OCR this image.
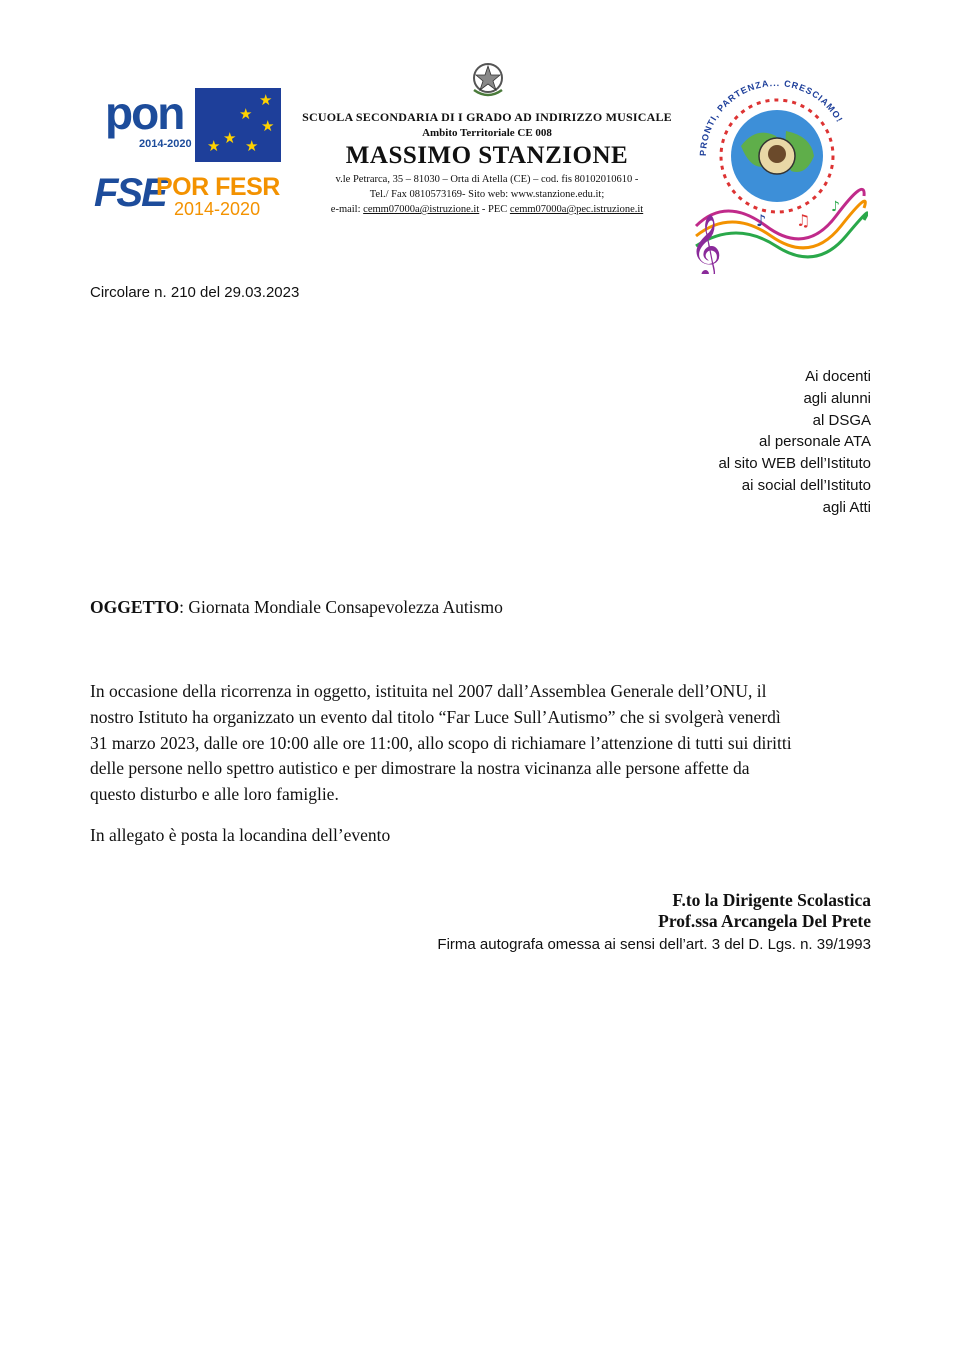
pon
2014-2020
★
★
★
★
★ ★
FSE
POR FESR
2014-2020
SCUOLA SECONDARIA DI I GRADO AD INDIRIZZO MUSICALE
Ambito Territoriale CE 008
MASSIMO STANZIONE
v.le Petrarca, 35 – 81030 – Orta di Atella (CE) – cod. fis 80102010610 -
Tel./ Fax 0810573169- Sito web: www.stanzione.edu.it;
e-mail: cemm07000a@istruzione.it - PEC cemm07000a@pec.istruzione.it
PRONTI, PARTENZA... CRESCIAMO!
𝄞 ♪ ♫
♪
Circolare n. 210 del 29.03.2023
Ai docenti
agli alunni
al DSGA
al personale ATA
al sito WEB dell’Istituto
ai social dell’Istituto
agli Atti
OGGETTO: Giornata Mondiale Consapevolezza Autismo
In occasione della ricorrenza in oggetto, istituita nel 2007 dall’Assemblea Generale dell’ONU, il
nostro Istituto ha organizzato un evento dal titolo “Far Luce Sull’Autismo” che si svolgerà venerdì
31 marzo 2023, dalle ore 10:00 alle ore 11:00, allo scopo di richiamare l’attenzione di tutti sui diritti
delle persone nello spettro autistico e per dimostrare la nostra vicinanza alle persone affette da
questo disturbo e alle loro famiglie.
In allegato è posta la locandina dell’evento
F.to la Dirigente Scolastica
Prof.ssa Arcangela Del Prete
Firma autografa omessa ai sensi dell’art. 3 del D. Lgs. n. 39/1993
